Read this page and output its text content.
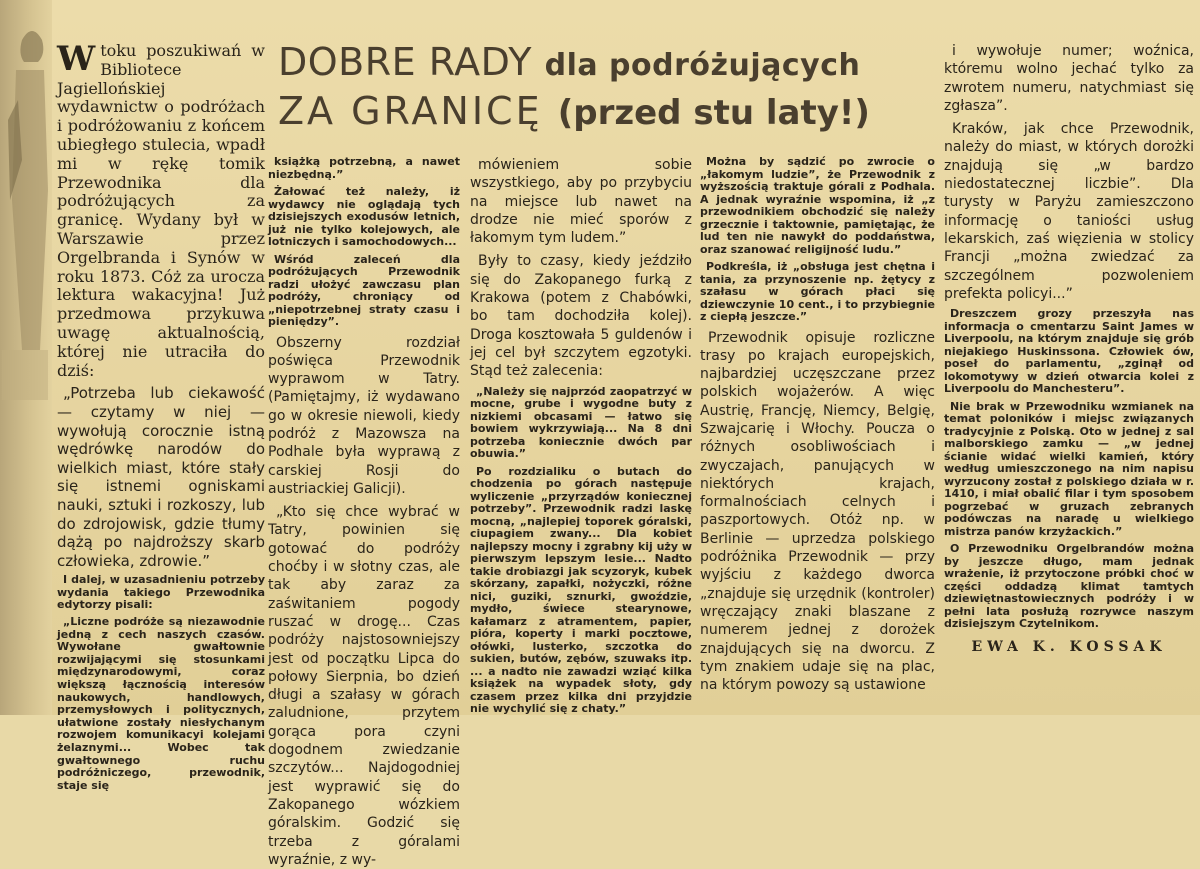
Wtoku poszukiwań w Bibliotece Jagiellońskiej wydawnictw o podróżach i podróżowaniu z końcem ubiegłego stulecia, wpadł mi w rękę tomik Przewodnika dla podróżujących za granicę. Wydany był w Warszawie przez Orgelbranda i Synów w roku 1873. Cóż za urocza lektura wakacyjna! Już przedmowa przykuwa uwagę aktualnością, której nie utraciła do dziś:

„Potrzeba lub ciekawość — czytamy w niej — wywołują corocznie istną wędrówkę narodów do wielkich miast, które stały się istnemi ogniskami nauki, sztuki i rozkoszy, lub do zdrojowisk, gdzie tłumy dążą po najdroższy skarb człowieka, zdrowie.”

I dalej, w uzasadnieniu potrzeby wydania takiego Przewodnika edytorzy pisali:

„Liczne podróże są niezawodnie jedną z cech naszych czasów. Wywołane gwałtownie rozwijającymi się stosunkami międzynarodowymi, coraz większą łącznością interesów naukowych, handlowych, przemysłowych i politycznych, ułatwione zostały niesłychanym rozwojem komunikacyi kolejami żelaznymi... Wobec tak gwałtownego ruchu podróżniczego, przewodnik, staje się

DOBRE RADY dla podróżujących
ZA GRANICĘ (przed stu laty!)

książką potrzebną, a nawet niezbędną.”

Żałować też należy, iż wydawcy nie oglądają tych dzisiejszych exodusów letnich, już nie tylko kolejowych, ale lotniczych i samochodowych...

Wśród zaleceń dla podróżujących Przewodnik radzi ułożyć zawczasu plan podróży, chroniący od „niepotrzebnej straty czasu i pieniędzy”.

Obszerny rozdział poświęca Przewodnik wyprawom w Tatry. (Pamiętajmy, iż wydawano go w okresie niewoli, kiedy podróż z Mazowsza na Podhale była wyprawą z carskiej Rosji do austriackiej Galicji).

„Kto się chce wybrać w Tatry, powinien się gotować do podróży choćby i w słotny czas, ale tak aby zaraz za zaświtaniem pogody ruszać w drogę... Czas podróży najstosowniejszy jest od początku Lipca do połowy Sierpnia, bo dzień długi a szałasy w górach zaludnione, przytem gorąca pora czyni dogodnem zwiedzanie szczytów... Najdogodniej jest wyprawić się do Zakopanego wózkiem góralskim. Godzić się trzeba z góralami wyraźnie, z wy-

mówieniem sobie wszystkiego, aby po przybyciu na miejsce lub nawet na drodze nie mieć sporów z łakomym tym ludem.”

Były to czasy, kiedy jeździło się do Zakopanego furką z Krakowa (potem z Chabówki, bo tam dochodziła kolej). Droga kosztowała 5 guldenów i jej cel był szczytem egzotyki. Stąd też zalecenia:

„Należy się najprzód zaopatrzyć w mocne, grube i wygodne buty z nizkiemi obcasami — łatwo się bowiem wykrzywiają... Na 8 dni potrzeba koniecznie dwóch par obuwia.”

Po rozdzialiku o butach do chodzenia po górach następuje wyliczenie „przyrządów koniecznej potrzeby”. Przewodnik radzi laskę mocną, „najlepiej toporek góralski, ciupagiem zwany... Dla kobiet najlepszy mocny i zgrabny kij uży w pierwszym lepszym lesie... Nadto takie drobiazgi jak scyzoryk, kubek skórzany, zapałki, nożyczki, różne nici, guziki, sznurki, gwoździe, mydło, świece stearynowe, kałamarz z atramentem, papier, pióra, koperty i marki pocztowe, ołówki, lusterko, szczotka do sukien, butów, zębów, szuwaks itp. ... a nadto nie zawadzi wziąć kilka książek na wypadek słoty, gdy czasem przez kilka dni przyjdzie nie wychylić się z chaty.”

Można by sądzić po zwrocie o „łakomym ludzie”, że Przewodnik z wyższością traktuje górali z Podhala. A jednak wyraźnie wspomina, iż „z przewodnikiem obchodzić się należy grzecznie i taktownie, pamiętając, że lud ten nie nawykł do poddaństwa, oraz szanować religijność ludu.”

Podkreśla, iż „obsługa jest chętna i tania, za przynoszenie np. żętycy z szałasu w górach płaci się dziewczynie 10 cent., i to przybiegnie z ciepłą jeszcze.”

Przewodnik opisuje rozliczne trasy po krajach europejskich, najbardziej uczęszczane przez polskich wojażerów. A więc Austrię, Francję, Niemcy, Belgię, Szwajcarię i Włochy. Poucza o różnych osobliwościach i zwyczajach, panujących w niektórych krajach, formalnościach celnych i paszportowych. Otóż np. w Berlinie — uprzedza polskiego podróżnika Przewodnik — przy wyjściu z każdego dworca „znajduje się urzędnik (kontroler) wręczający znaki blaszane z numerem jednej z dorożek znajdujących się na dworcu. Z tym znakiem udaje się na plac, na którym powozy są ustawione

i wywołuje numer; woźnica, któremu wolno jechać tylko za zwrotem numeru, natychmiast się zgłasza”.

Kraków, jak chce Przewodnik, należy do miast, w których dorożki znajdują się „w bardzo niedostatecznej liczbie”. Dla turysty w Paryżu zamieszczono informację o taniości usług lekarskich, zaś więzienia w stolicy Francji „można zwiedzać za szczególnem pozwoleniem prefekta policyi...”

Dreszczem grozy przeszyła nas informacja o cmentarzu Saint James w Liverpoolu, na którym znajduje się grób niejakiego Huskinssona. Człowiek ów, poseł do parlamentu, „zginął od lokomotywy w dzień otwarcia kolei z Liverpoolu do Manchesteru”.

Nie brak w Przewodniku wzmianek na temat poloników i miejsc związanych tradycyjnie z Polską. Oto w jednej z sal malborskiego zamku — „w jednej ścianie widać wielki kamień, który według umieszczonego na nim napisu wyrzucony został z polskiego działa w r. 1410, i miał obalić filar i tym sposobem pogrzebać w gruzach zebranych podówczas na naradę u wielkiego mistrza panów krzyżackich.”

O Przewodniku Orgelbrandów można by jeszcze długo, mam jednak wrażenie, iż przytoczone próbki choć w części oddadzą klimat tamtych dziewiętnastowiecznych podróży i w pełni lata posłużą rozrywce naszym dzisiejszym Czytelnikom.

EWA K. KOSSAK
